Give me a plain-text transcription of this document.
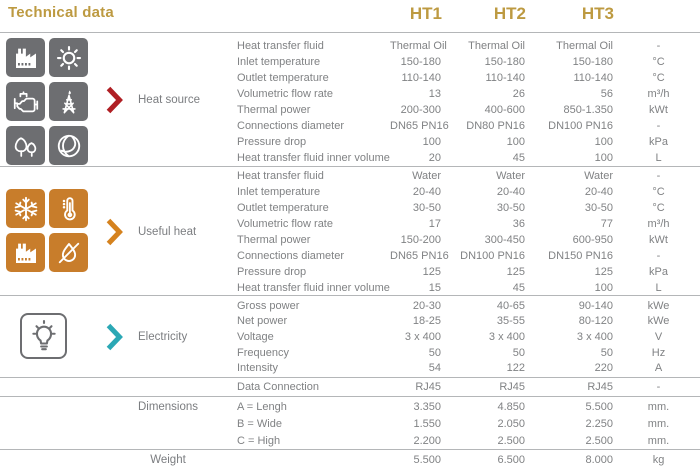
Technical data	HT1	HT2	HT3
Heat source
Heat transfer fluid	Thermal Oil	Thermal Oil	Thermal Oil	-
Inlet temperature	150-180	150-180	150-180	°C
Outlet temperature	110-140	110-140	110-140	°C
Volumetric flow rate	13	26	56	m³/h
Thermal power	200-300	400-600	850-1.350	kWt
Connections diameter	DN65 PN16	DN80 PN16	DN100 PN16	-
Pressure drop	100	100	100	kPa
Heat transfer fluid inner volume	20	45	100	L
Useful heat
Heat transfer fluid	Water	Water	Water	-
Inlet temperature	20-40	20-40	20-40	°C
Outlet temperature	30-50	30-50	30-50	°C
Volumetric flow rate	17	36	77	m³/h
Thermal power	150-200	300-450	600-950	kWt
Connections diameter	DN65 PN16	DN100 PN16	DN150 PN16	-
Pressure drop	125	125	125	kPa
Heat transfer fluid inner volume	15	45	100	L
Electricity
Gross power	20-30	40-65	90-140	kWe
Net power	18-25	35-55	80-120	kWe
Voltage	3 x 400	3 x 400	3 x 400	V
Frequency	50	50	50	Hz
Intensity	54	122	220	A
Data Connection	RJ45	RJ45	RJ45	-
Dimensions	A = Lengh	3.350	4.850	5.500	mm.
B = Wide	1.550	2.050	2.250	mm.
C = High	2.200	2.500	2.500	mm.
Weight	5.500	6.500	8.000	kg
